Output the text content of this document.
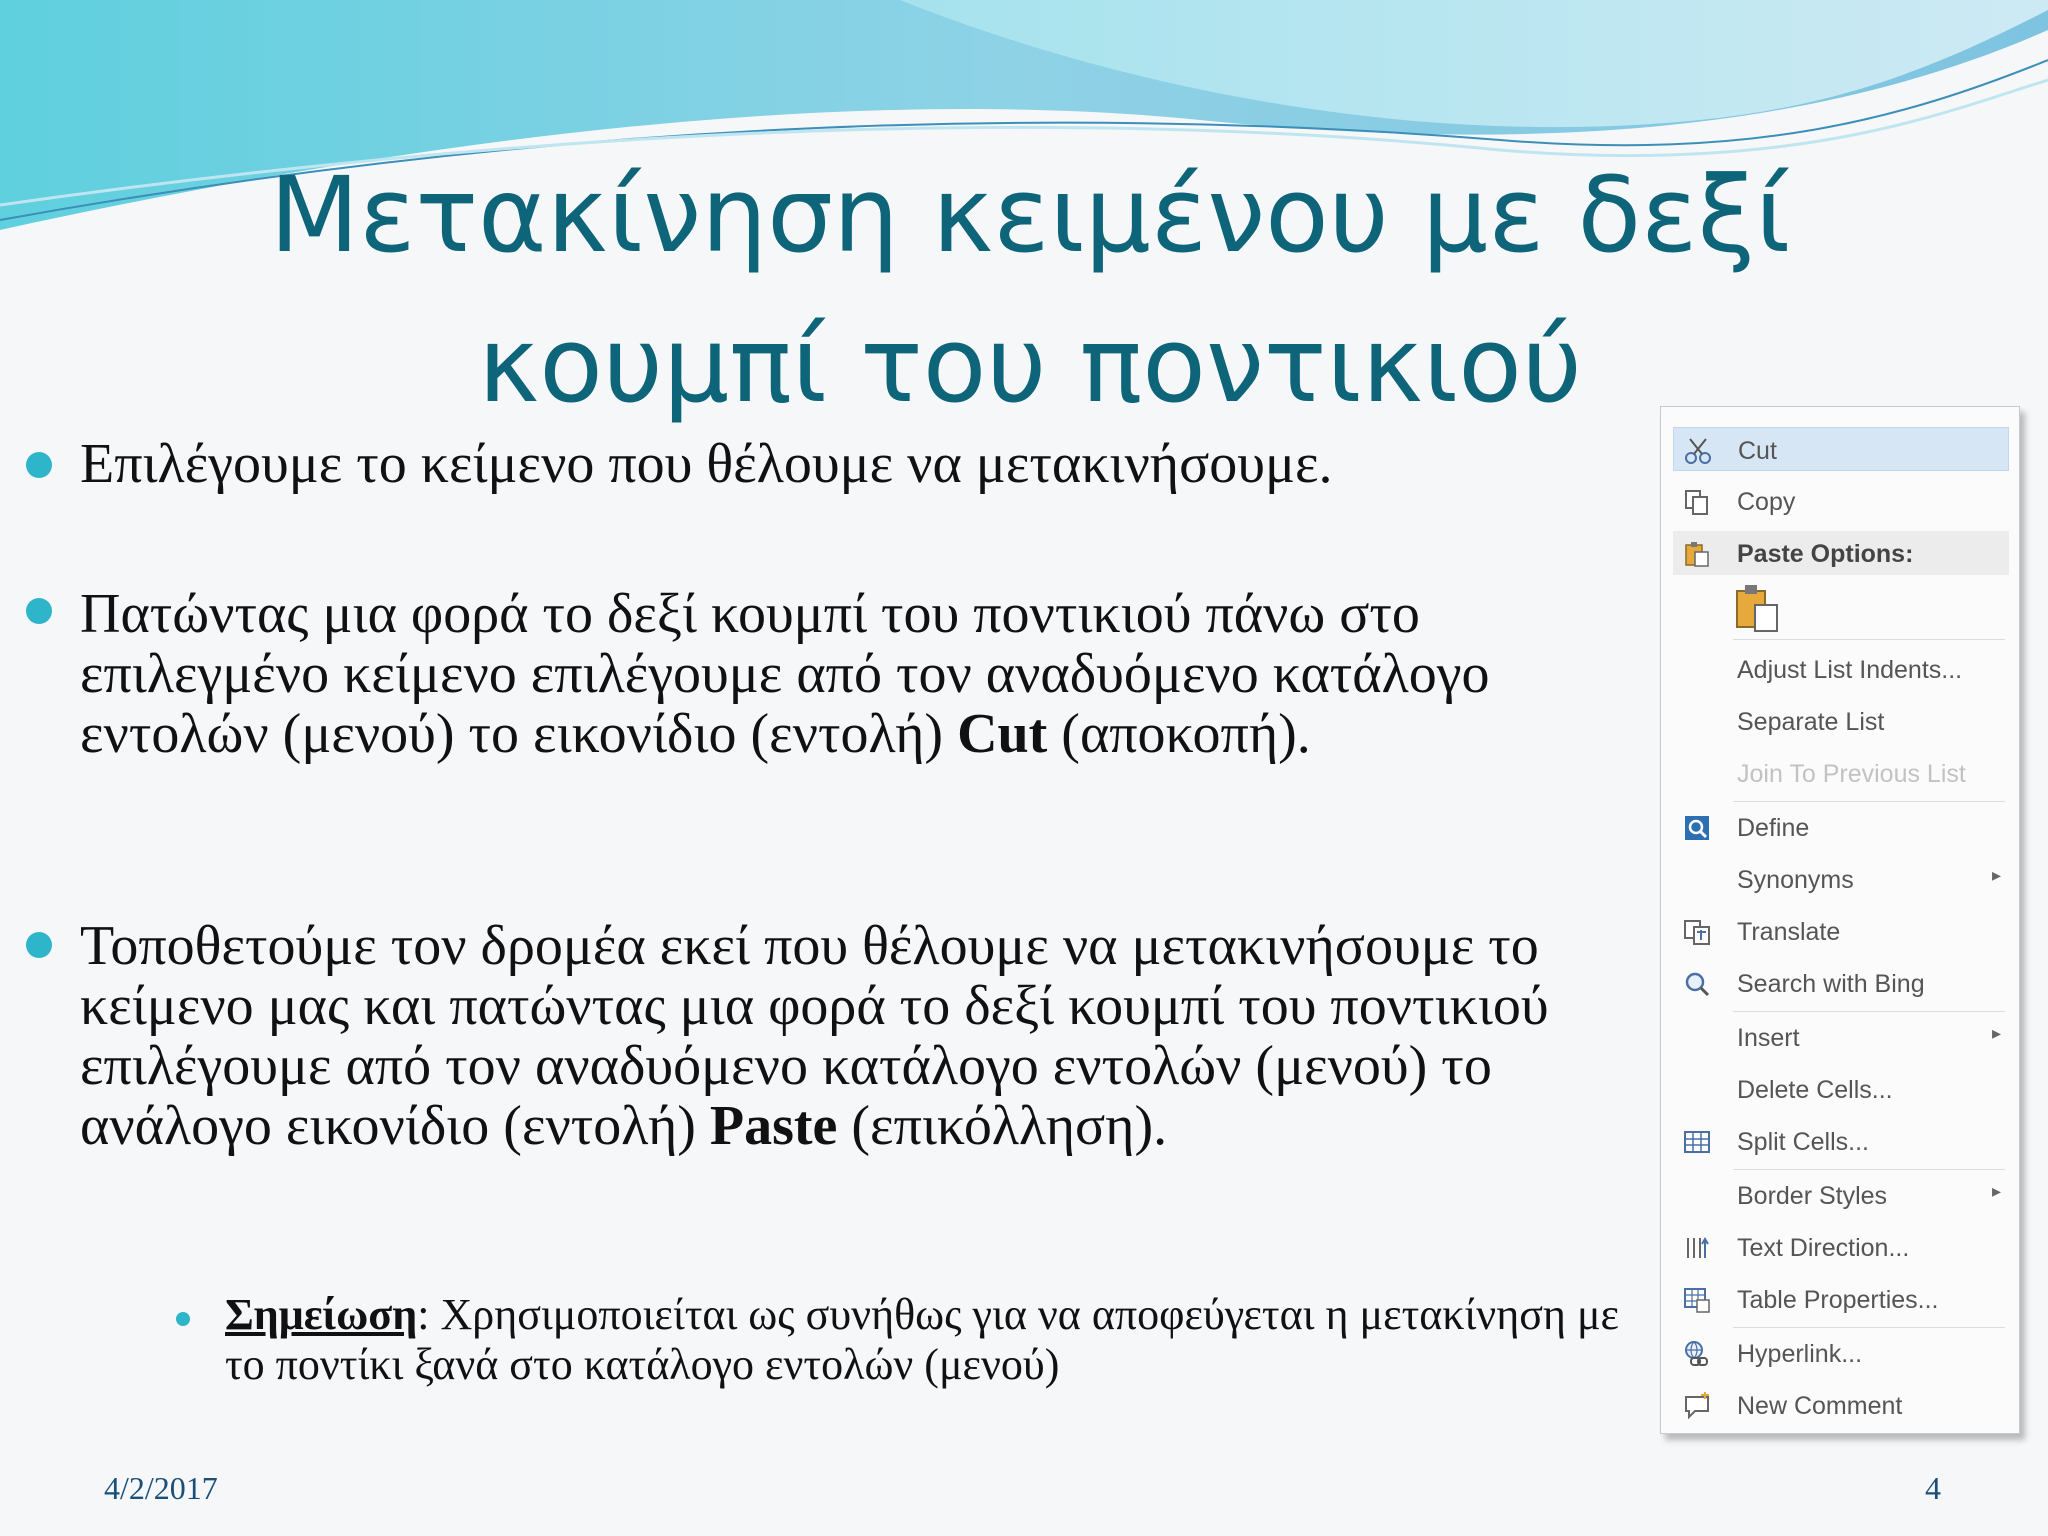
Μετακίνηση κειμένου με δεξί
κουμπί του ποντικιού
Επιλέγουμε το κείμενο που θέλουμε να μετακινήσουμε.
Πατώντας μια φορά το δεξί κουμπί του ποντικιού πάνω στο επιλεγμένο κείμενο επιλέγουμε από τον αναδυόμενο κατάλογο εντολών (μενού) το εικονίδιο (εντολή) Cut (αποκοπή).
Τοποθετούμε τον δρομέα εκεί που θέλουμε να μετακινήσουμε το κείμενο μας και πατώντας μια φορά το δεξί κουμπί του ποντικιού επιλέγουμε από τον αναδυόμενο κατάλογο εντολών (μενού) το ανάλογο εικονίδιο (εντολή) Paste (επικόλληση).
Σημείωση: Χρησιμοποιείται ως συνήθως για να αποφεύγεται η μετακίνηση με το ποντίκι ξανά στο κατάλογο εντολών (μενού)
4/2/2017	4
Cut
Copy
Paste Options:
Adjust List Indents...
Separate List
Join To Previous List
Define
Synonyms	▸
Translate
Search with Bing
Insert	▸
Delete Cells...
Split Cells...
Border Styles	▸
Text Direction...
Table Properties...
Hyperlink...
New Comment
